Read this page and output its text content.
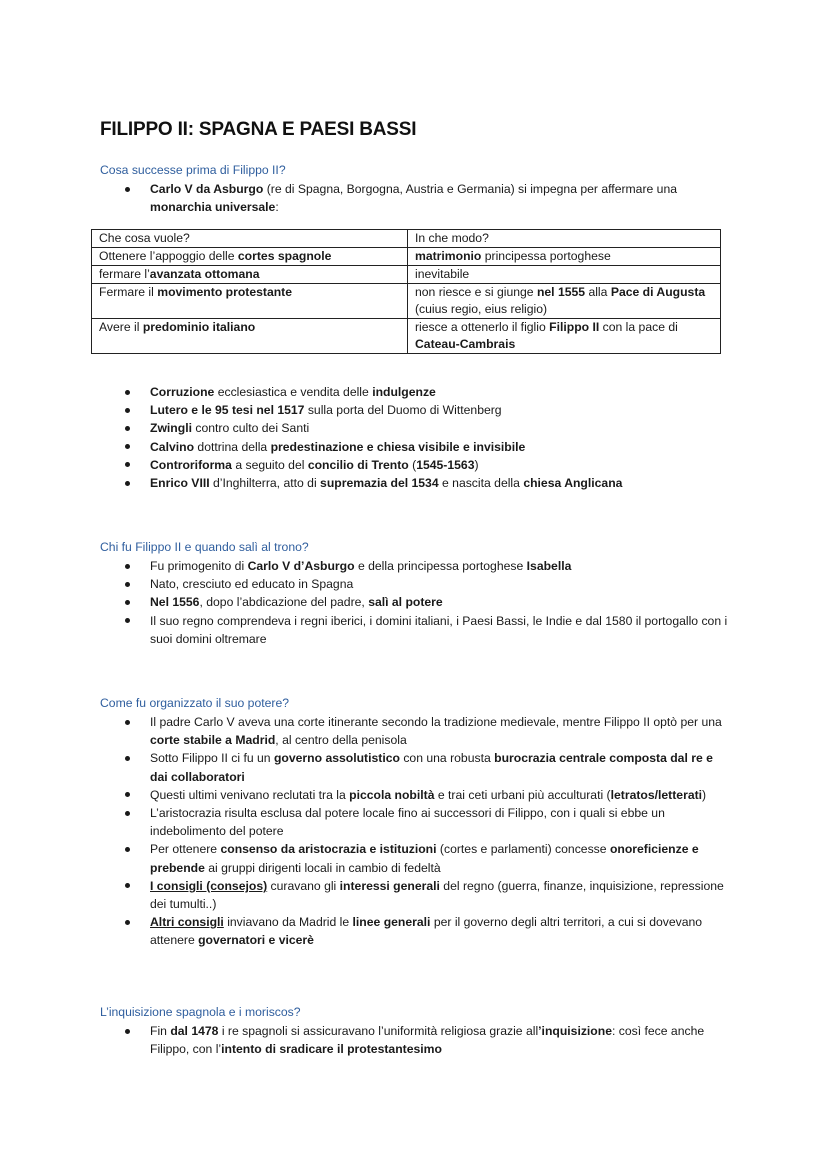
FILIPPO II: SPAGNA E PAESI BASSI
Cosa successe prima di Filippo II?
Carlo V da Asburgo (re di Spagna, Borgogna, Austria e Germania) si impegna per affermare una monarchia universale:
Che cosa vuole?	In che modo?
Ottenere l’appoggio delle cortes spagnole	matrimonio principessa portoghese
fermare l’avanzata ottomana	inevitabile
Fermare il movimento protestante	non riesce e si giunge nel 1555 alla Pace di Augusta (cuius regio, eius religio)
Avere il predominio italiano	riesce a ottenerlo il figlio Filippo II con la pace di Cateau-Cambrais
Corruzione ecclesiastica e vendita delle indulgenze
Lutero e le 95 tesi nel 1517 sulla porta del Duomo di Wittenberg
Zwingli contro culto dei Santi
Calvino dottrina della predestinazione e chiesa visibile e invisibile
Controriforma a seguito del concilio di Trento (1545-1563)
Enrico VIII d’Inghilterra, atto di supremazia del 1534 e nascita della chiesa Anglicana
Chi fu Filippo II e quando salì al trono?
Fu primogenito di Carlo V d’Asburgo e della principessa portoghese Isabella
Nato, cresciuto ed educato in Spagna
Nel 1556, dopo l’abdicazione del padre, salì al potere
Il suo regno comprendeva i regni iberici, i domini italiani, i Paesi Bassi, le Indie e dal 1580 il portogallo con i suoi domini oltremare
Come fu organizzato il suo potere?
Il padre Carlo V aveva una corte itinerante secondo la tradizione medievale, mentre Filippo II optò per una corte stabile a Madrid, al centro della penisola
Sotto Filippo II ci fu un governo assolutistico con una robusta burocrazia centrale composta dal re e dai collaboratori
Questi ultimi venivano reclutati tra la piccola nobiltà e trai ceti urbani più acculturati (letratos/letterati)
L’aristocrazia risulta esclusa dal potere locale fino ai successori di Filippo, con i quali si ebbe un indebolimento del potere
Per ottenere consenso da aristocrazia e istituzioni (cortes e parlamenti) concesse onoreficienze e prebende ai gruppi dirigenti locali in cambio di fedeltà
I consigli (consejos) curavano gli interessi generali del regno (guerra, finanze, inquisizione, repressione dei tumulti..)
Altri consigli inviavano da Madrid le linee generali per il governo degli altri territori, a cui si dovevano attenere governatori e vicerè
L’inquisizione spagnola e i moriscos?
Fin dal 1478 i re spagnoli si assicuravano l’uniformità religiosa grazie all’inquisizione: così fece anche Filippo, con l’intento di sradicare il protestantesimo
